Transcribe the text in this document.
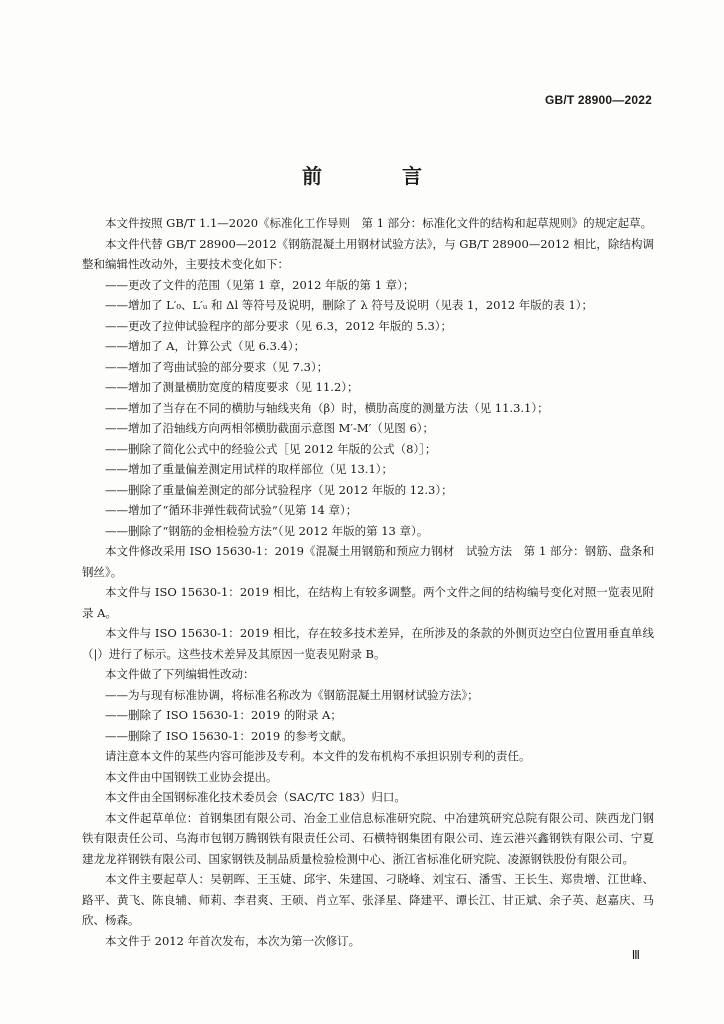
GB/T 28900—2022
前　言

本文件按照 GB/T 1.1—2020《标准化工作导则　第 1 部分：标准化文件的结构和起草规则》的规定起草。

本文件代替 GB/T 28900—2012《钢筋混凝土用钢材试验方法》，与 GB/T 28900—2012 相比，除结构调整和编辑性改动外，主要技术变化如下：

——更改了文件的范围（见第 1 章，2012 年版的第 1 章）；

——增加了 L′₀、L′ᵤ 和 Δl 等符号及说明，删除了 λ 符号及说明（见表 1，2012 年版的表 1）；

——更改了拉伸试验程序的部分要求（见 6.3，2012 年版的 5.3）；

——增加了 A，计算公式（见 6.3.4）；

——增加了弯曲试验的部分要求（见 7.3）；

——增加了测量横肋宽度的精度要求（见 11.2）；

——增加了当存在不同的横肋与轴线夹角（β）时，横肋高度的测量方法（见 11.3.1）；

——增加了沿轴线方向两相邻横肋截面示意图 M′-M′（见图 6）；

——删除了简化公式中的经验公式［见 2012 年版的公式（8）］；

——增加了重量偏差测定用试样的取样部位（见 13.1）；

——删除了重量偏差测定的部分试验程序（见 2012 年版的 12.3）；

——增加了“循环非弹性载荷试验”（见第 14 章）；

——删除了“钢筋的金相检验方法”（见 2012 年版的第 13 章）。

本文件修改采用 ISO 15630-1：2019《混凝土用钢筋和预应力钢材　试验方法　第 1 部分：钢筋、盘条和钢丝》。

本文件与 ISO 15630-1：2019 相比，在结构上有较多调整。两个文件之间的结构编号变化对照一览表见附录 A。

本文件与 ISO 15630-1：2019 相比，存在较多技术差异，在所涉及的条款的外侧页边空白位置用垂直单线（|）进行了标示。这些技术差异及其原因一览表见附录 B。

本文件做了下列编辑性改动：

——为与现有标准协调，将标准名称改为《钢筋混凝土用钢材试验方法》；

——删除了 ISO 15630-1：2019 的附录 A；

——删除了 ISO 15630-1：2019 的参考文献。

请注意本文件的某些内容可能涉及专利。本文件的发布机构不承担识别专利的责任。

本文件由中国钢铁工业协会提出。

本文件由全国钢标准化技术委员会（SAC/TC 183）归口。

本文件起草单位：首钢集团有限公司、冶金工业信息标准研究院、中冶建筑研究总院有限公司、陕西龙门钢铁有限责任公司、乌海市包钢万腾钢铁有限责任公司、石横特钢集团有限公司、连云港兴鑫钢铁有限公司、宁夏建龙龙祥钢铁有限公司、国家钢铁及制品质量检验检测中心、浙江省标准化研究院、凌源钢铁股份有限公司。

本文件主要起草人：吴朝晖、王玉婕、邱宇、朱建国、刁晓峰、刘宝石、潘雪、王长生、郑贵增、江世峰、路平、黄飞、陈良辅、师莉、李君爽、王硕、肖立军、张泽星、降建平、谭长江、甘正斌、余子英、赵嘉庆、马欣、杨森。

本文件于 2012 年首次发布，本次为第一次修订。

Ⅲ
